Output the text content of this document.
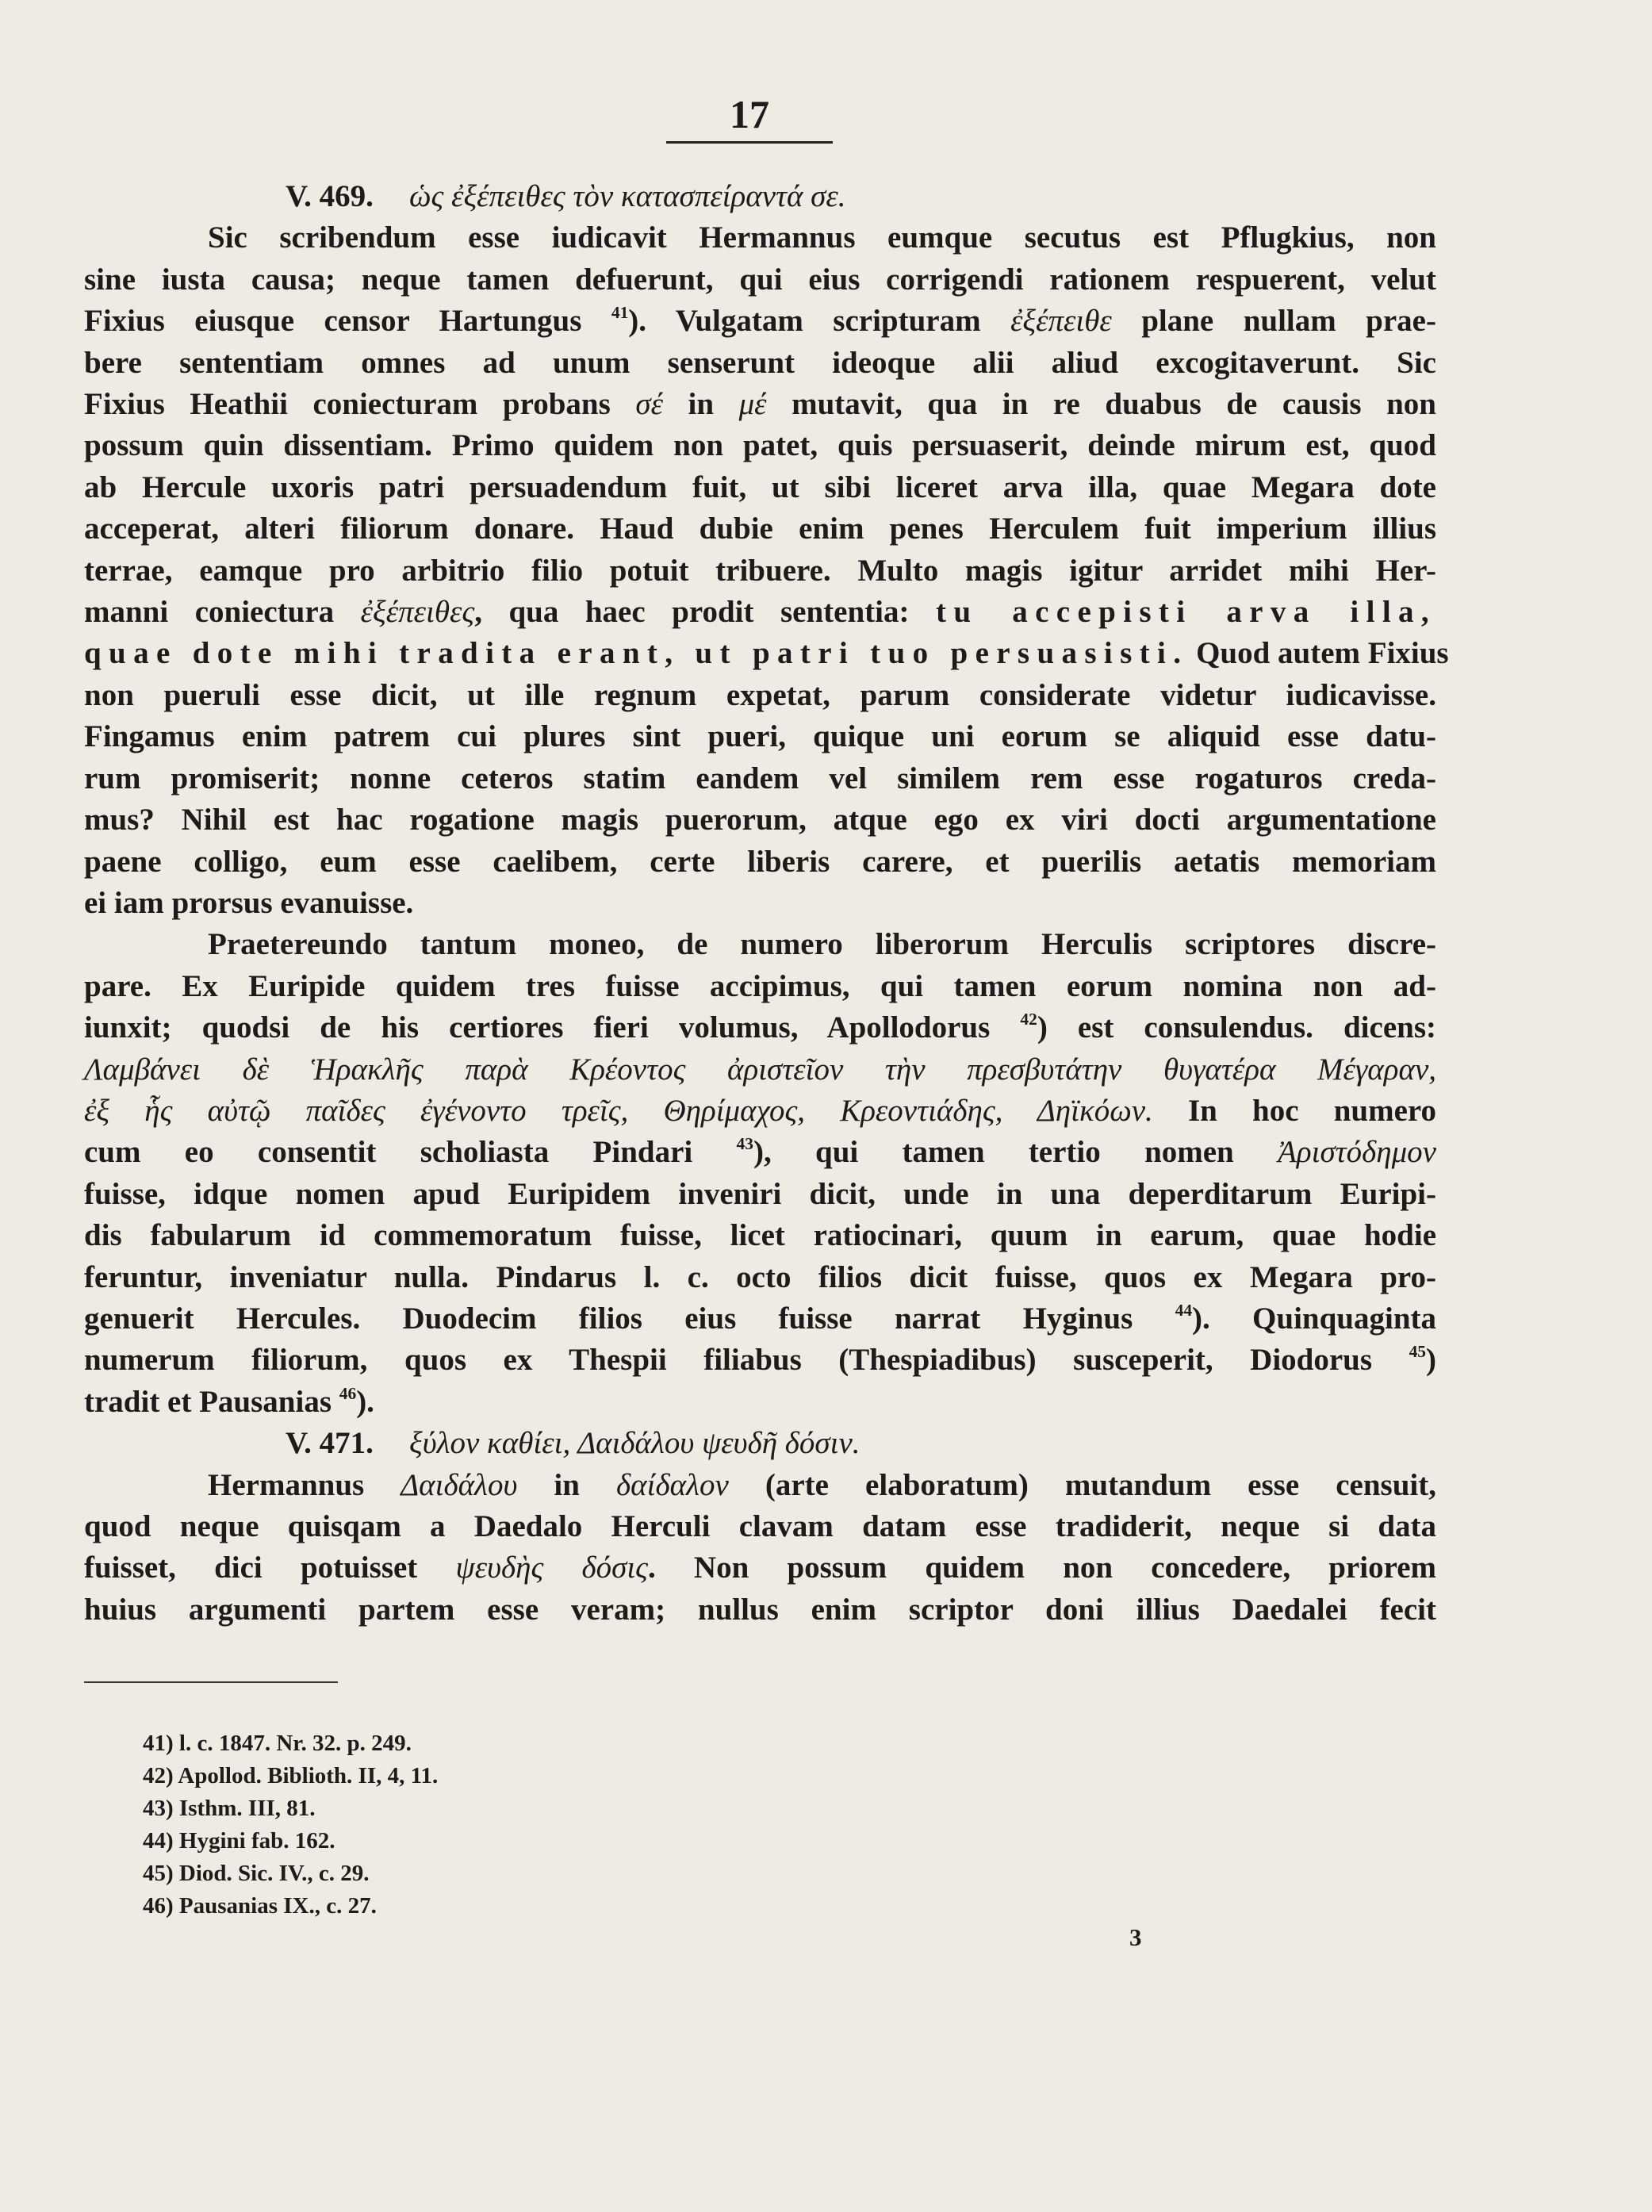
17
V. 469. ὡς ἐξέπειθες τὸν κατασπείραντά σε.
Sic scribendum esse iudicavit Hermannus eumque secutus est Pflugkius, non
sine iusta causa; neque tamen defuerunt, qui eius corrigendi rationem respuerent, velut
Fixius eiusque censor Hartungus $^{41}$). Vulgatam scripturam ἐξέπειθε plane nullam prae-
bere sententiam omnes ad unum senserunt ideoque alii aliud excogitaverunt. Sic
Fixius Heathii coniecturam probans σέ in μέ mutavit, qua in re duabus de causis non
possum quin dissentiam. Primo quidem non patet, quis persuaserit, deinde mirum est, quod
ab Hercule uxoris patri persuadendum fuit, ut sibi liceret arva illa, quae Megara dote
acceperat, alteri filiorum donare. Haud dubie enim penes Herculem fuit imperium illius
terrae, eamque pro arbitrio filio potuit tribuere. Multo magis igitur arridet mihi Her-
manni coniectura ἐξέπειθες, qua haec prodit sententia: tu accepisti arva illa,
quae dote mihi tradita erant, ut patri tuo persuasisti. Quod autem Fixius
non pueruli esse dicit, ut ille regnum expetat, parum considerate videtur iudicavisse.
Fingamus enim patrem cui plures sint pueri, quique uni eorum se aliquid esse datu-
rum promiserit; nonne ceteros statim eandem vel similem rem esse rogaturos creda-
mus? Nihil est hac rogatione magis puerorum, atque ego ex viri docti argumentatione
paene colligo, eum esse caelibem, certe liberis carere, et puerilis aetatis memoriam
ei iam prorsus evanuisse.
Praetereundo tantum moneo, de numero liberorum Herculis scriptores discre-
pare. Ex Euripide quidem tres fuisse accipimus, qui tamen eorum nomina non ad-
iunxit; quodsi de his certiores fieri volumus, Apollodorus $^{42}$) est consulendus. dicens:
Λαμβάνει δὲ Ἡρακλῆς παρὰ Κρέοντος ἀριστεῖον τὴν πρεσβυτάτην θυγατέρα Μέγαραν,
ἐξ ἧς αὐτῷ παῖδες ἐγένοντο τρεῖς, Θηρίμαχος, Κρεοντιάδης, Δηϊκόων. In hoc numero
cum eo consentit scholiasta Pindari $^{43}$), qui tamen tertio nomen Ἀριστόδημον
fuisse, idque nomen apud Euripidem inveniri dicit, unde in una deperditarum Euripi-
dis fabularum id commemoratum fuisse, licet ratiocinari, quum in earum, quae hodie
feruntur, inveniatur nulla. Pindarus l. c. octo filios dicit fuisse, quos ex Megara pro-
genuerit Hercules. Duodecim filios eius fuisse narrat Hyginus $^{44}$). Quinquaginta
numerum filiorum, quos ex Thespii filiabus (Thespiadibus) susceperit, Diodorus $^{45}$)
tradit et Pausanias $^{46}$).
V. 471. ξύλον καθίει, Δαιδάλου ψευδῆ δόσιν.
Hermannus Δαιδάλου in δαίδαλον (arte elaboratum) mutandum esse censuit,
quod neque quisqam a Daedalo Herculi clavam datam esse tradiderit, neque si data
fuisset, dici potuisset ψευδὴς δόσις. Non possum quidem non concedere, priorem
huius argumenti partem esse veram; nullus enim scriptor doni illius Daedalei fecit
41) l. c. 1847. Nr. 32. p. 249.
42) Apollod. Biblioth. II, 4, 11.
43) Isthm. III, 81.
44) Hygini fab. 162.
45) Diod. Sic. IV., c. 29.
46) Pausanias IX., c. 27.
3
